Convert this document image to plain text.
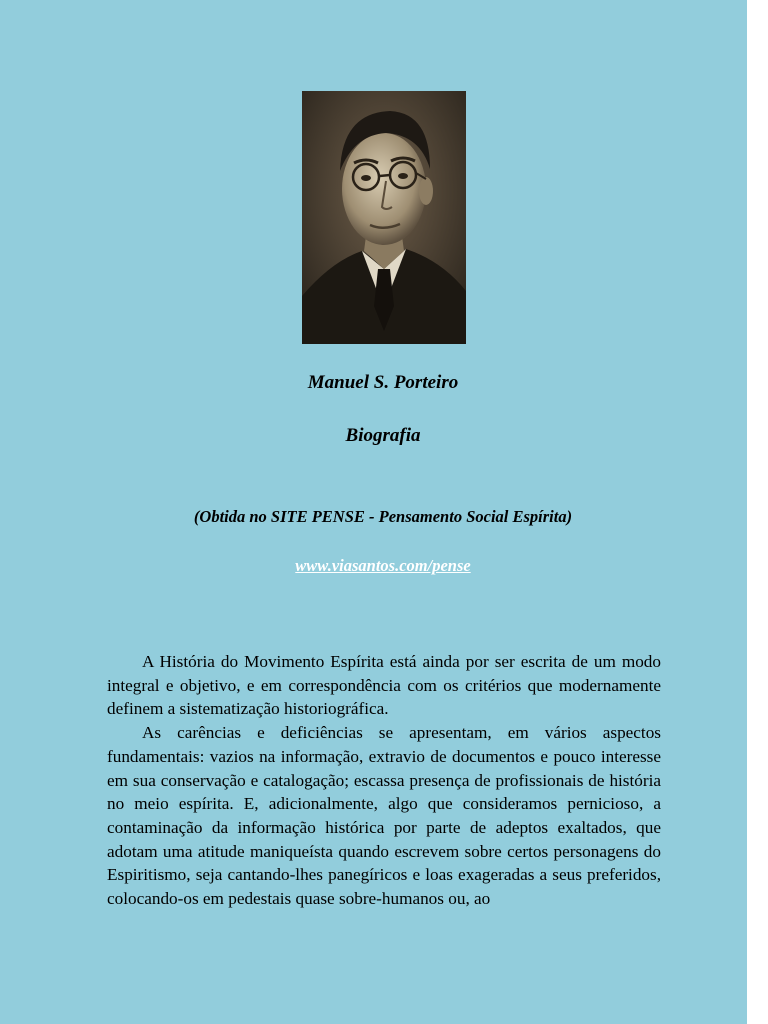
Manuel S. Porteiro
Biografia
(Obtida no SITE PENSE - Pensamento Social Espírita)
www.viasantos.com/pense

A História do Movimento Espírita está ainda por ser escrita de um modo integral e objetivo, e em correspondência com os critérios que modernamente definem a sistematização historiográfica.

As carências e deficiências se apresentam, em vários aspectos fundamentais: vazios na informação, extravio de documentos e pouco interesse em sua conservação e catalogação; escassa presença de profissionais de história no meio espírita. E, adicionalmente, algo que consideramos pernicioso, a contaminação da informação histórica por parte de adeptos exaltados, que adotam uma atitude maniqueísta quando escrevem sobre certos personagens do Espiritismo, seja cantando-lhes panegíricos e loas exageradas a seus preferidos, colocando-os em pedestais quase sobre-humanos ou, ao
